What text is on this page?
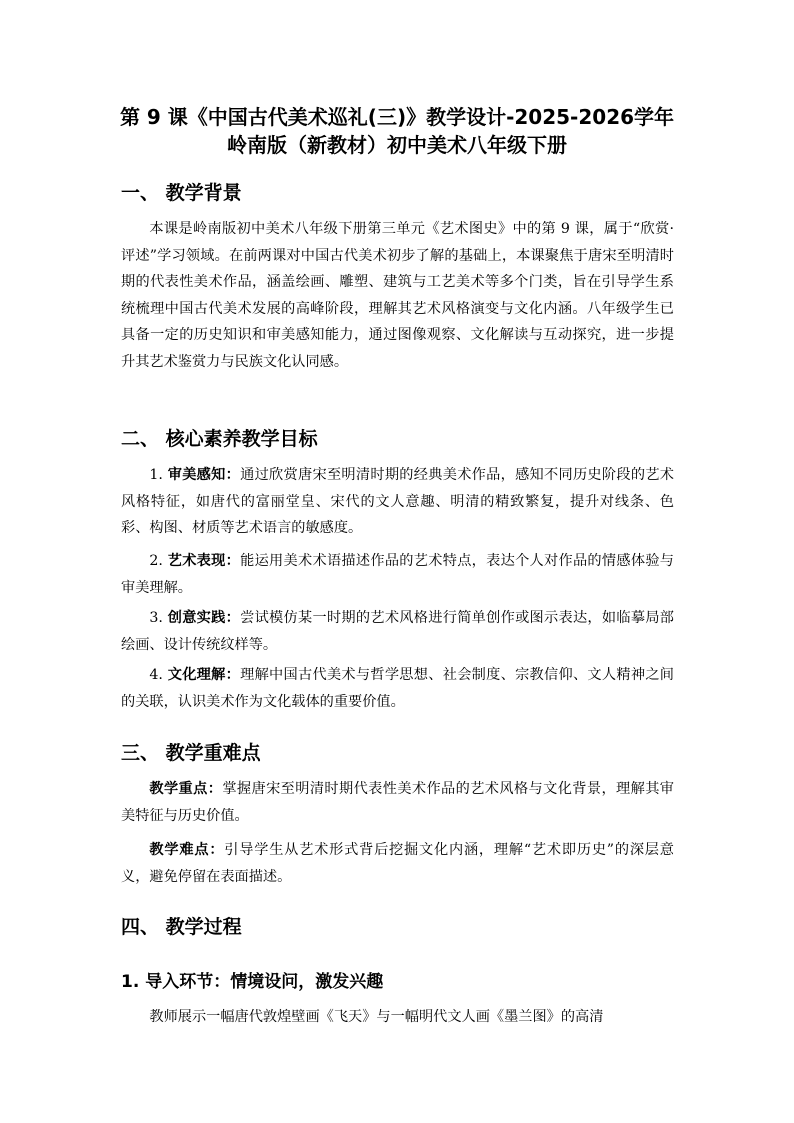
第 9 课《中国古代美术巡礼(三)》教学设计-2025-2026学年
岭南版（新教材）初中美术八年级下册
一、 教学背景

本课是岭南版初中美术八年级下册第三单元《艺术图史》中的第 9 课，属于“欣赏·评述”学习领域。在前两课对中国古代美术初步了解的基础上，本课聚焦于唐宋至明清时期的代表性美术作品，涵盖绘画、雕塑、建筑与工艺美术等多个门类，旨在引导学生系统梳理中国古代美术发展的高峰阶段，理解其艺术风格演变与文化内涵。八年级学生已具备一定的历史知识和审美感知能力，通过图像观察、文化解读与互动探究，进一步提升其艺术鉴赏力与民族文化认同感。

二、 核心素养教学目标

1. 审美感知：通过欣赏唐宋至明清时期的经典美术作品，感知不同历史阶段的艺术风格特征，如唐代的富丽堂皇、宋代的文人意趣、明清的精致繁复，提升对线条、色彩、构图、材质等艺术语言的敏感度。

2. 艺术表现：能运用美术术语描述作品的艺术特点，表达个人对作品的情感体验与审美理解。

3. 创意实践：尝试模仿某一时期的艺术风格进行简单创作或图示表达，如临摹局部绘画、设计传统纹样等。

4. 文化理解：理解中国古代美术与哲学思想、社会制度、宗教信仰、文人精神之间的关联，认识美术作为文化载体的重要价值。

三、 教学重难点

教学重点：掌握唐宋至明清时期代表性美术作品的艺术风格与文化背景，理解其审美特征与历史价值。

教学难点：引导学生从艺术形式背后挖掘文化内涵，理解“艺术即历史”的深层意义，避免停留在表面描述。

四、 教学过程
1. 导入环节：情境设问，激发兴趣

教师展示一幅唐代敦煌壁画《飞天》与一幅明代文人画《墨兰图》的高清
